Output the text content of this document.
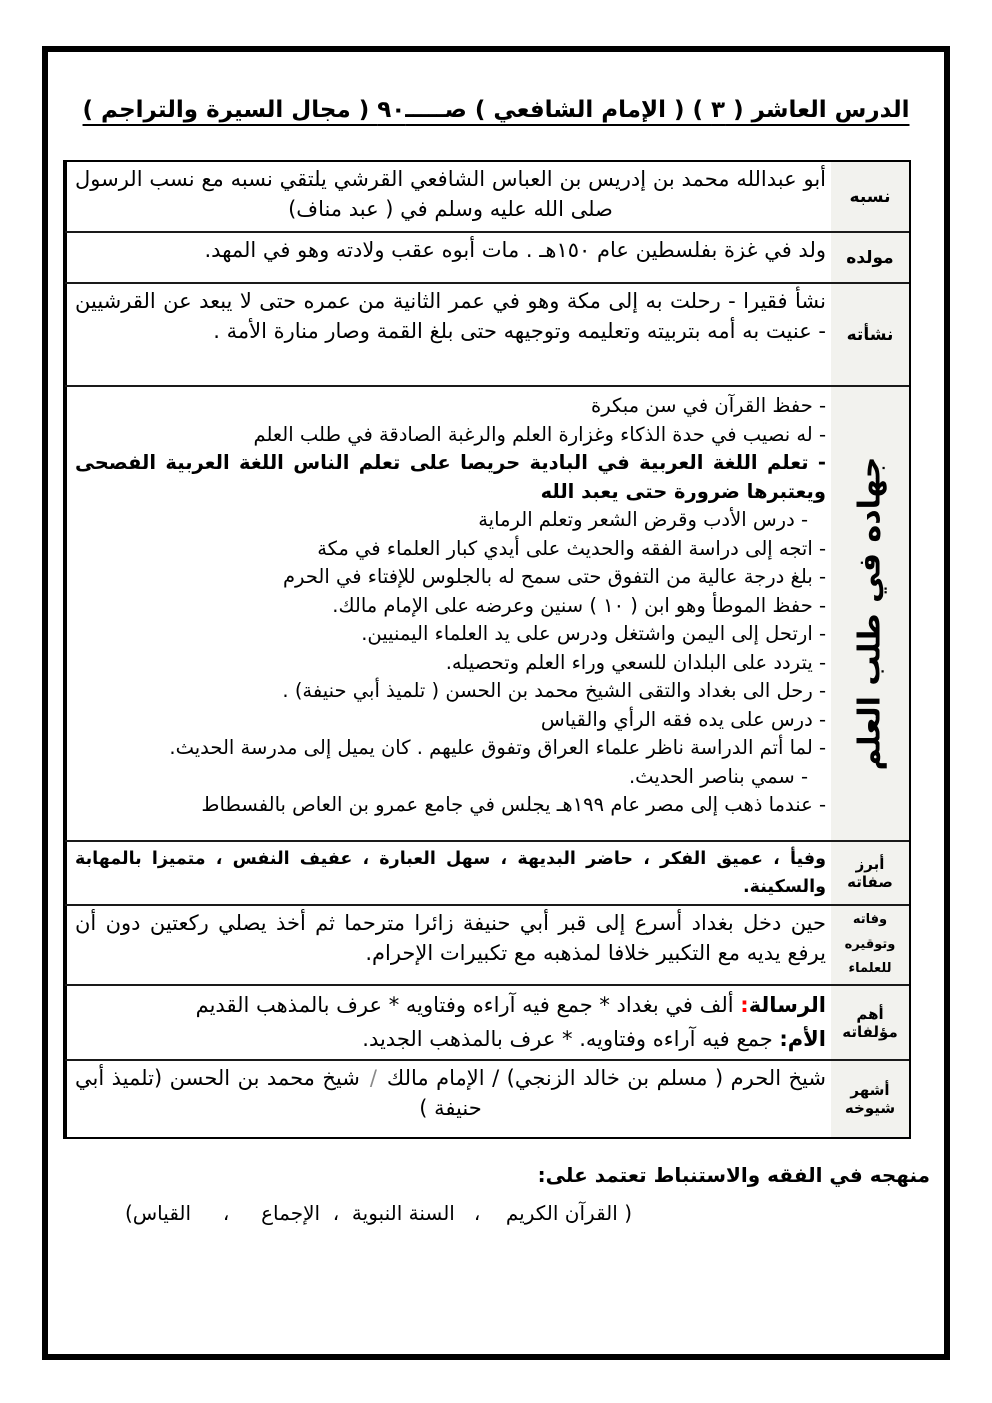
الدرس العاشر ( ٣ ) ( الإمام الشافعي ) صـــــ٩٠ ( مجال السيرة والتراجم )
نسبه
أبو عبدالله محمد بن إدريس بن العباس الشافعي القرشي يلتقي نسبه مع نسب الرسول صلى الله عليه وسلم في ( عبد مناف)
مولده
ولد في غزة بفلسطين عام ١٥٠هـ . مات أبوه عقب ولادته وهو في المهد.
نشأته
نشأ فقيرا - رحلت به إلى مكة وهو في عمر الثانية من عمره حتى لا يبعد عن القرشيين - عنيت به أمه بتربيته وتعليمه وتوجيهه حتى بلغ القمة وصار منارة الأمة .
جهاده في طلب العلم
- حفظ القرآن في سن مبكرة
- له نصيب في حدة الذكاء وغزارة العلم والرغبة الصادقة في طلب العلم
- تعلم اللغة العربية في البادية حريصا على تعلم الناس اللغة العربية الفصحى ويعتبرها ضرورة حتى يعبد الله
- درس الأدب وقرض الشعر وتعلم الرماية
- اتجه إلى دراسة الفقه والحديث على أيدي كبار العلماء في مكة
- بلغ درجة عالية من التفوق حتى سمح له بالجلوس للإفتاء في الحرم
- حفظ الموطأ وهو ابن ( ١٠ ) سنين وعرضه على الإمام مالك.
- ارتحل إلى اليمن واشتغل ودرس على يد العلماء اليمنيين.
- يتردد على البلدان للسعي وراء العلم وتحصيله.
- رحل الى بغداد والتقى الشيخ محمد بن الحسن ( تلميذ أبي حنيفة) .
- درس على يده فقه الرأي والقياس
- لما أتم الدراسة ناظر علماء العراق وتفوق عليهم . كان يميل إلى مدرسة الحديث.
- سمي بناصر الحديث.
- عندما ذهب إلى مصر عام ١٩٩هـ يجلس في جامع عمرو بن العاص بالفسطاط
أبرز صفاته
وفيأ ، عميق الفكر ، حاضر البديهة ، سهل العبارة ، عفيف النفس ، متميزا بالمهابة والسكينة.
وفاته وتوقيره للعلماء
حين دخل بغداد أسرع إلى قبر أبي حنيفة زائرا مترحما ثم أخذ يصلي ركعتين دون أن يرفع يديه مع التكبير خلافا لمذهبه مع تكبيرات الإحرام.
أهم مؤلفاته
الرسالة: ألف في بغداد * جمع فيه آراءه وفتاويه * عرف بالمذهب القديم
الأم: جمع فيه آراءه وفتاويه. * عرف بالمذهب الجديد.
أشهر شيوخه
شيخ الحرم ( مسلم بن خالد الزنجي) / الإمام مالك/شيخ محمد بن الحسن (تلميذ أبي حنيفة )
منهجه في الفقه والاستنباط تعتمد على:
( القرآن الكريم    ،   السنة النبوية  ،  الإجماع     ،     القياس)
